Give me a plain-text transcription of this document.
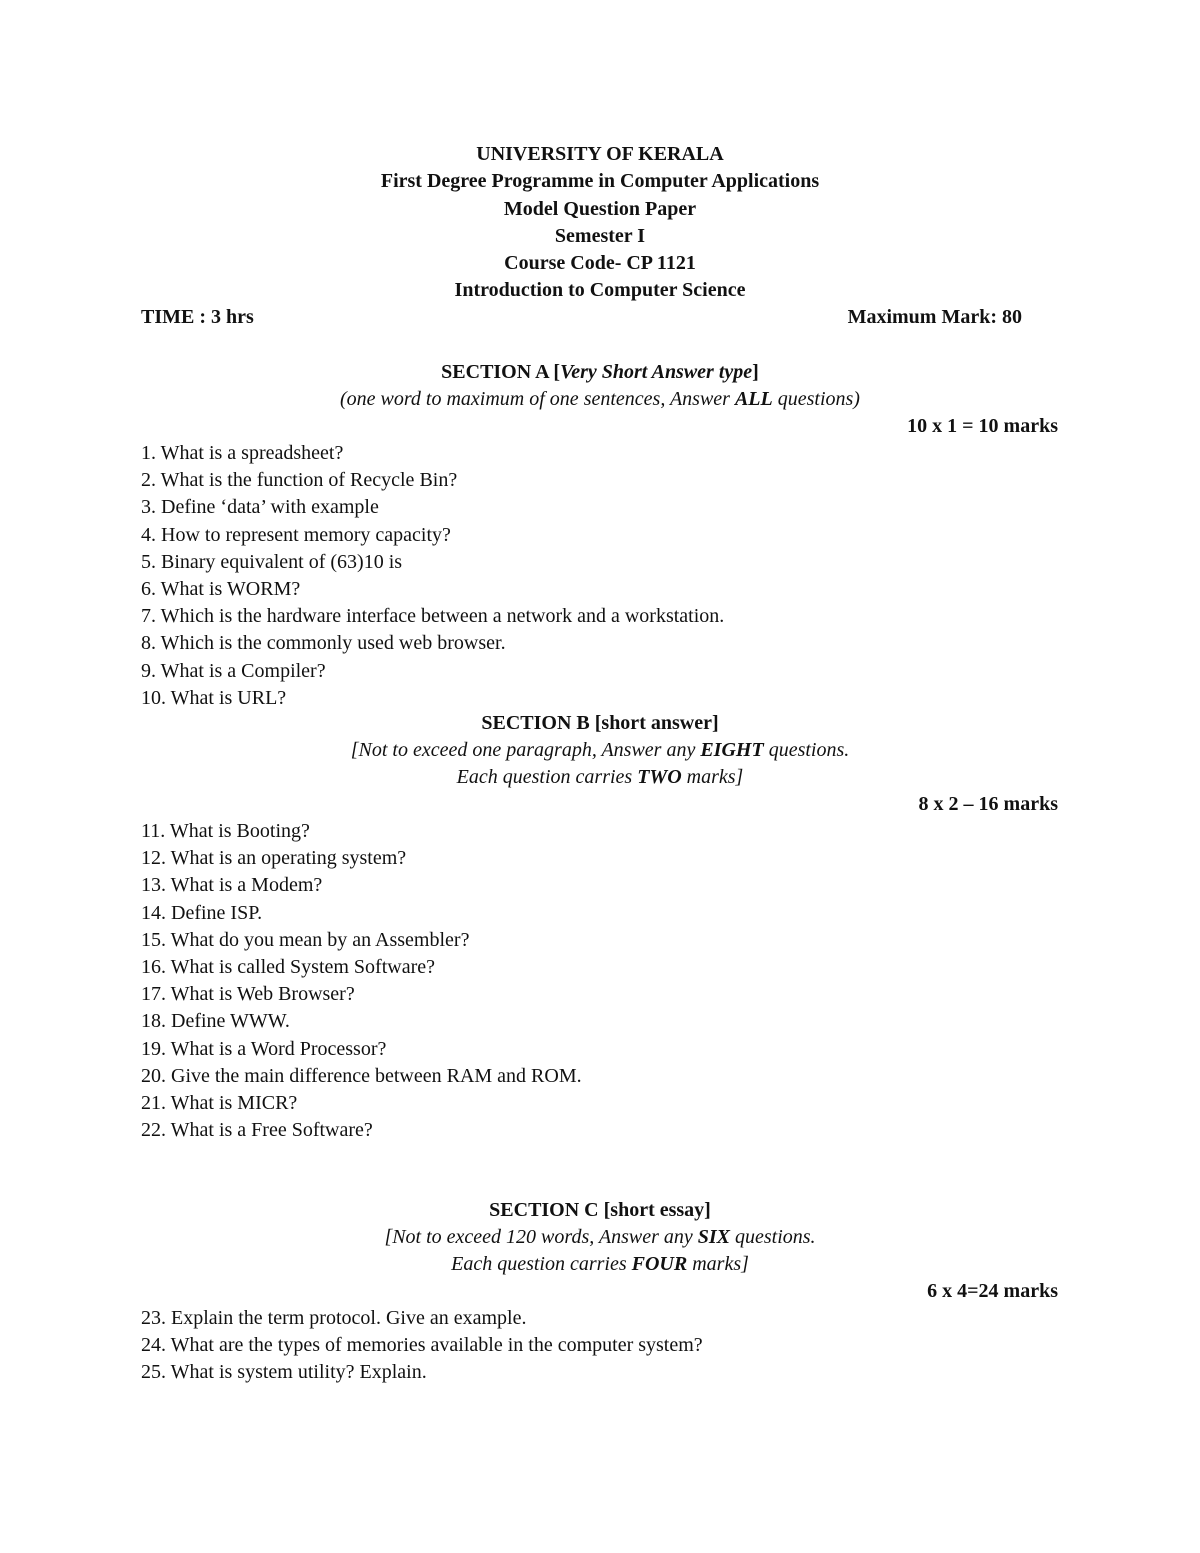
UNIVERSITY OF KERALA
First Degree Programme in Computer Applications
Model Question Paper
Semester I
Course Code- CP 1121
Introduction to Computer Science
TIME : 3 hrs	Maximum Mark: 80
SECTION A [Very Short Answer type]
(one word to maximum of one sentences, Answer ALL questions)
10 x 1 = 10 marks
1. What is a spreadsheet?
2. What is the function of Recycle Bin?
3. Define ‘data’ with example
4. How to represent memory capacity?
5. Binary equivalent of (63)10 is
6. What is WORM?
7. Which is the hardware interface between a network and a workstation.
8. Which is the commonly used web browser.
9. What is a Compiler?
10. What is URL?
SECTION B [short answer]
[Not to exceed one paragraph, Answer any EIGHT questions.
Each question carries TWO marks]
8 x 2 – 16 marks
11. What is Booting?
12. What is an operating system?
13. What is a Modem?
14. Define ISP.
15. What do you mean by an Assembler?
16. What is called System Software?
17. What is Web Browser?
18. Define WWW.
19. What is a Word Processor?
20. Give the main difference between RAM and ROM.
21. What is MICR?
22. What is a Free Software?
SECTION C [short essay]
[Not to exceed 120 words, Answer any SIX questions.
Each question carries FOUR marks]
6 x 4=24 marks
23. Explain the term protocol. Give an example.
24. What are the types of memories available in the computer system?
25. What is system utility? Explain.
